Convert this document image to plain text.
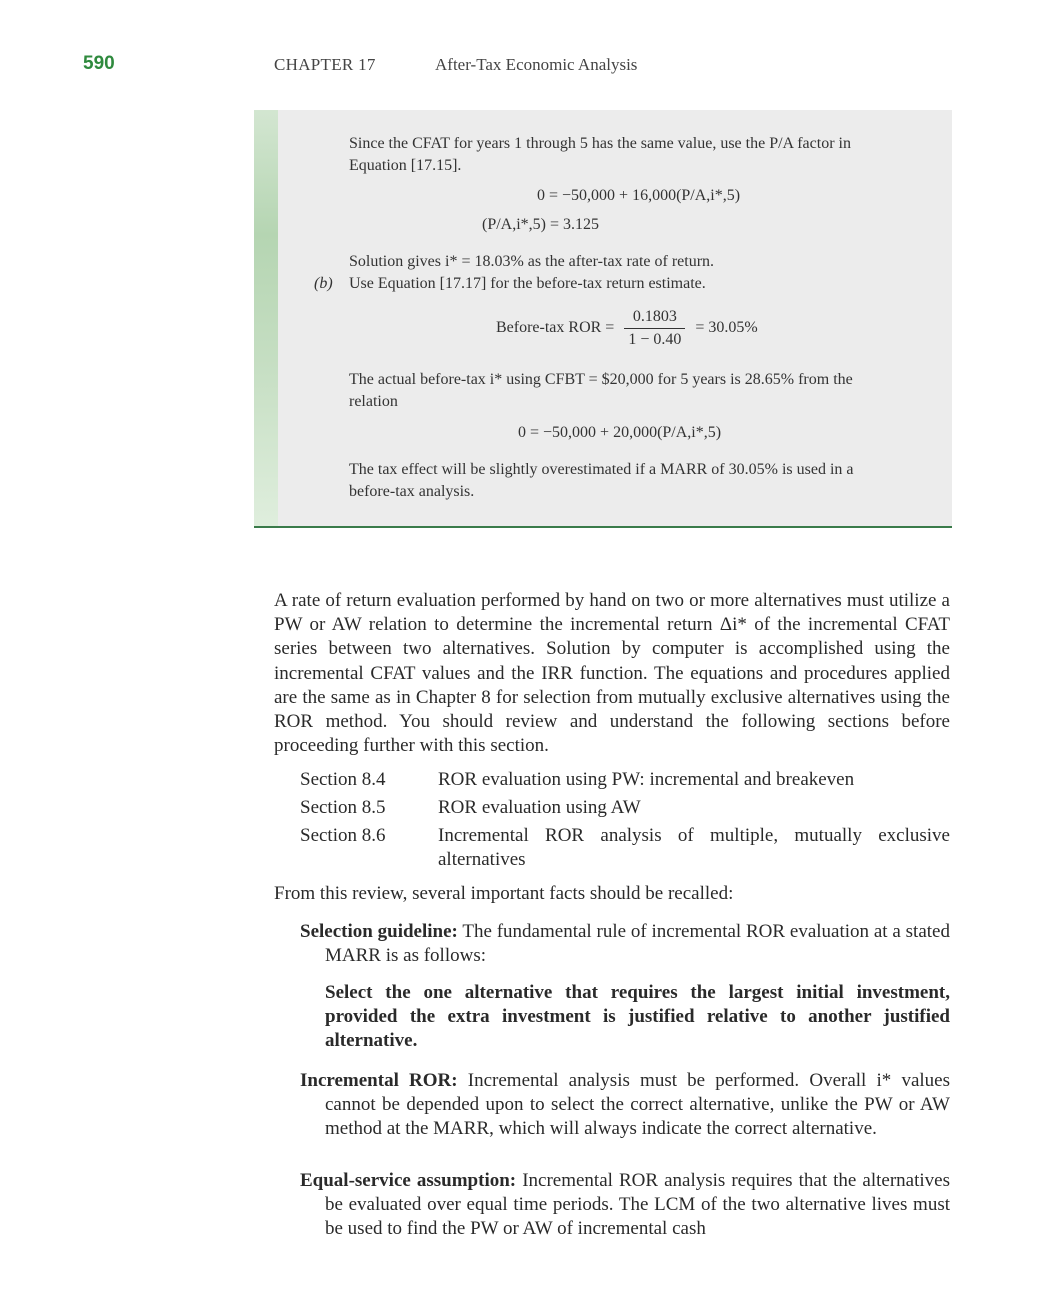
590	CHAPTER 17	After-Tax Economic Analysis
Since the CFAT for years 1 through 5 has the same value, use the P/A factor in
Equation [17.15].
0 = −50,000 + 16,000(P/A,i*,5)
(P/A,i*,5) = 3.125
Solution gives i* = 18.03% as the after-tax rate of return.
(b) Use Equation [17.17] for the before-tax return estimate.
Before-tax ROR = $\frac{0.1803}{1 - 0.40} = 30.05\%$
The actual before-tax i* using CFBT = $20,000 for 5 years is 28.65% from the
relation
0 = −50,000 + 20,000(P/A,i*,5)
The tax effect will be slightly overestimated if a MARR of 30.05% is used in a
before-tax analysis.
A rate of return evaluation performed by hand on two or more alternatives must utilize a PW or AW relation to determine the incremental return Δi* of the incremental CFAT series between two alternatives. Solution by computer is accomplished using the incremental CFAT values and the IRR function. The equations and procedures applied are the same as in Chapter 8 for selection from mutually exclusive alternatives using the ROR method. You should review and understand the following sections before proceeding further with this section.
Section 8.4	ROR evaluation using PW: incremental and breakeven
Section 8.5	ROR evaluation using AW
Section 8.6	Incremental ROR analysis of multiple, mutually exclusive alternatives
From this review, several important facts should be recalled:
Selection guideline: The fundamental rule of incremental ROR evaluation at a stated MARR is as follows:
Select the one alternative that requires the largest initial investment, provided the extra investment is justified relative to another justified alternative.
Incremental ROR: Incremental analysis must be performed. Overall i* values cannot be depended upon to select the correct alternative, unlike the PW or AW method at the MARR, which will always indicate the correct alternative.
Equal-service assumption: Incremental ROR analysis requires that the alternatives be evaluated over equal time periods. The LCM of the two alternative lives must be used to find the PW or AW of incremental cash
